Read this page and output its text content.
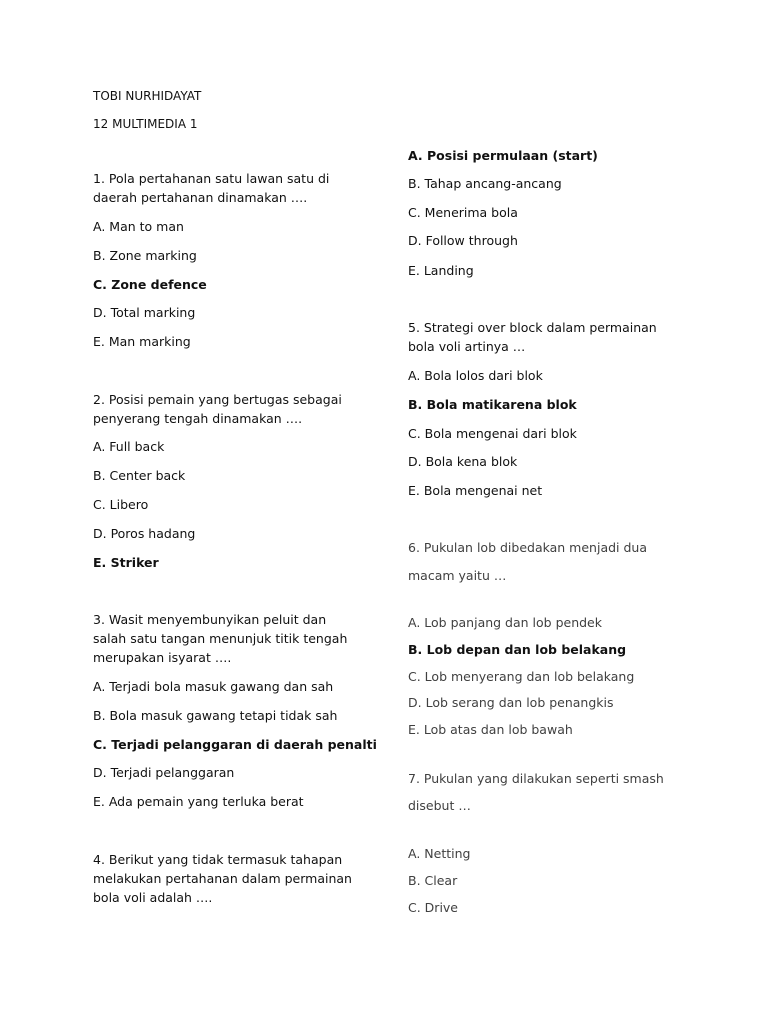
TOBI NURHIDAYAT
12 MULTIMEDIA 1
1. Pola pertahanan satu lawan satu di daerah pertahanan dinamakan ….
A. Man to man
B. Zone marking
C. Zone defence
D. Total marking
E. Man marking
2. Posisi pemain yang bertugas sebagai penyerang tengah dinamakan ….
A. Full back
B. Center back
C. Libero
D. Poros hadang
E. Striker
3. Wasit menyembunyikan peluit dan salah satu tangan menunjuk titik tengah merupakan isyarat ….
A. Terjadi bola masuk gawang dan sah
B. Bola masuk gawang tetapi tidak sah
C. Terjadi pelanggaran di daerah penalti
D. Terjadi pelanggaran
E. Ada pemain yang terluka berat
4. Berikut yang tidak termasuk tahapan melakukan pertahanan dalam permainan bola voli adalah ….
A. Posisi permulaan (start)
B. Tahap ancang-ancang
C. Menerima bola
D. Follow through
E. Landing
5. Strategi over block dalam permainan bola voli artinya …
A. Bola lolos dari blok
B. Bola matikarena blok
C. Bola mengenai dari blok
D. Bola kena blok
E. Bola mengenai net
6. Pukulan lob dibedakan menjadi dua
macam yaitu …
A. Lob panjang dan lob pendek
B. Lob depan dan lob belakang
C. Lob menyerang dan lob belakang
D. Lob serang dan lob penangkis
E. Lob atas dan lob bawah
7. Pukulan yang dilakukan seperti smash
disebut …
A. Netting
B. Clear
C. Drive
